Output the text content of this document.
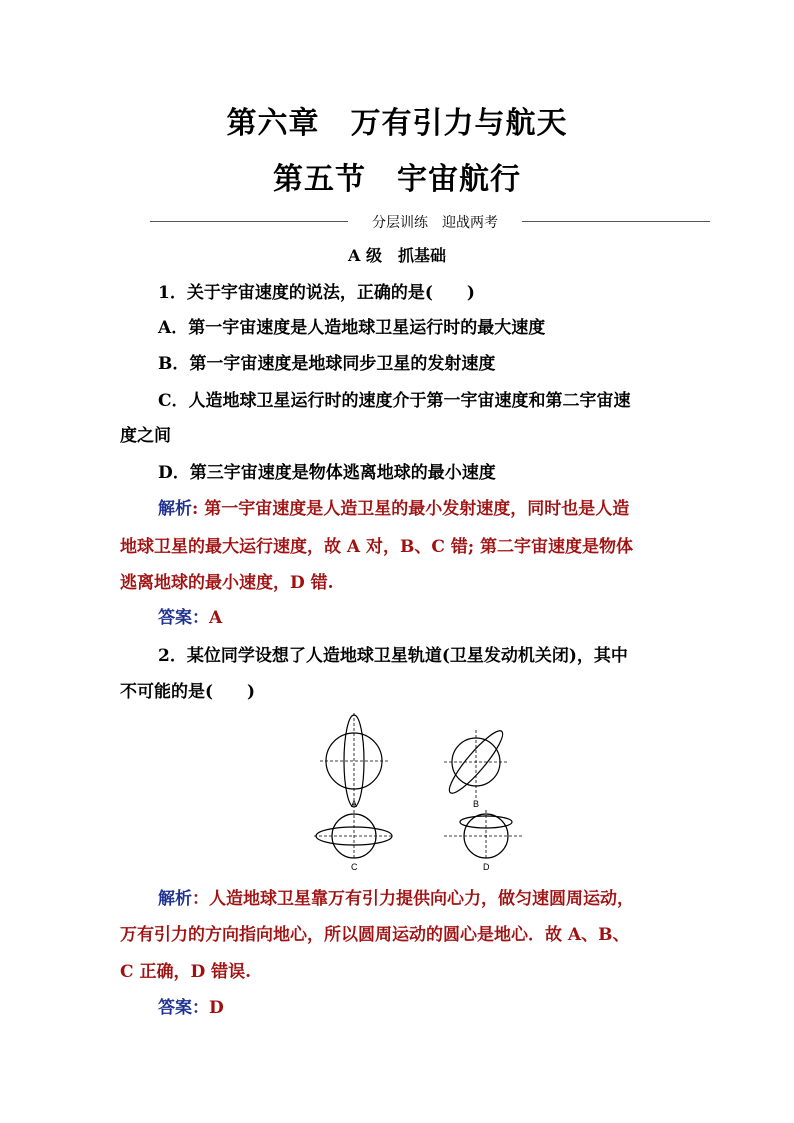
第六章　万有引力与航天
第五节　宇宙航行
分层训练　迎战两考
A 级　抓基础
1．关于宇宙速度的说法，正确的是(　　)
A．第一宇宙速度是人造地球卫星运行时的最大速度
B．第一宇宙速度是地球同步卫星的发射速度
C．人造地球卫星运行时的速度介于第一宇宙速度和第二宇宙速
度之间
D．第三宇宙速度是物体逃离地球的最小速度
解析: 第一宇宙速度是人造卫星的最小发射速度，同时也是人造
地球卫星的最大运行速度，故 A 对，B、C 错; 第二宇宙速度是物体
逃离地球的最小速度，D 错.
答案：A
2．某位同学设想了人造地球卫星轨道(卫星发动机关闭)，其中
不可能的是(　　)
A	B
C	D
解析：人造地球卫星靠万有引力提供向心力，做匀速圆周运动，
万有引力的方向指向地心，所以圆周运动的圆心是地心．故 A、B、
C 正确，D 错误.
答案：D
